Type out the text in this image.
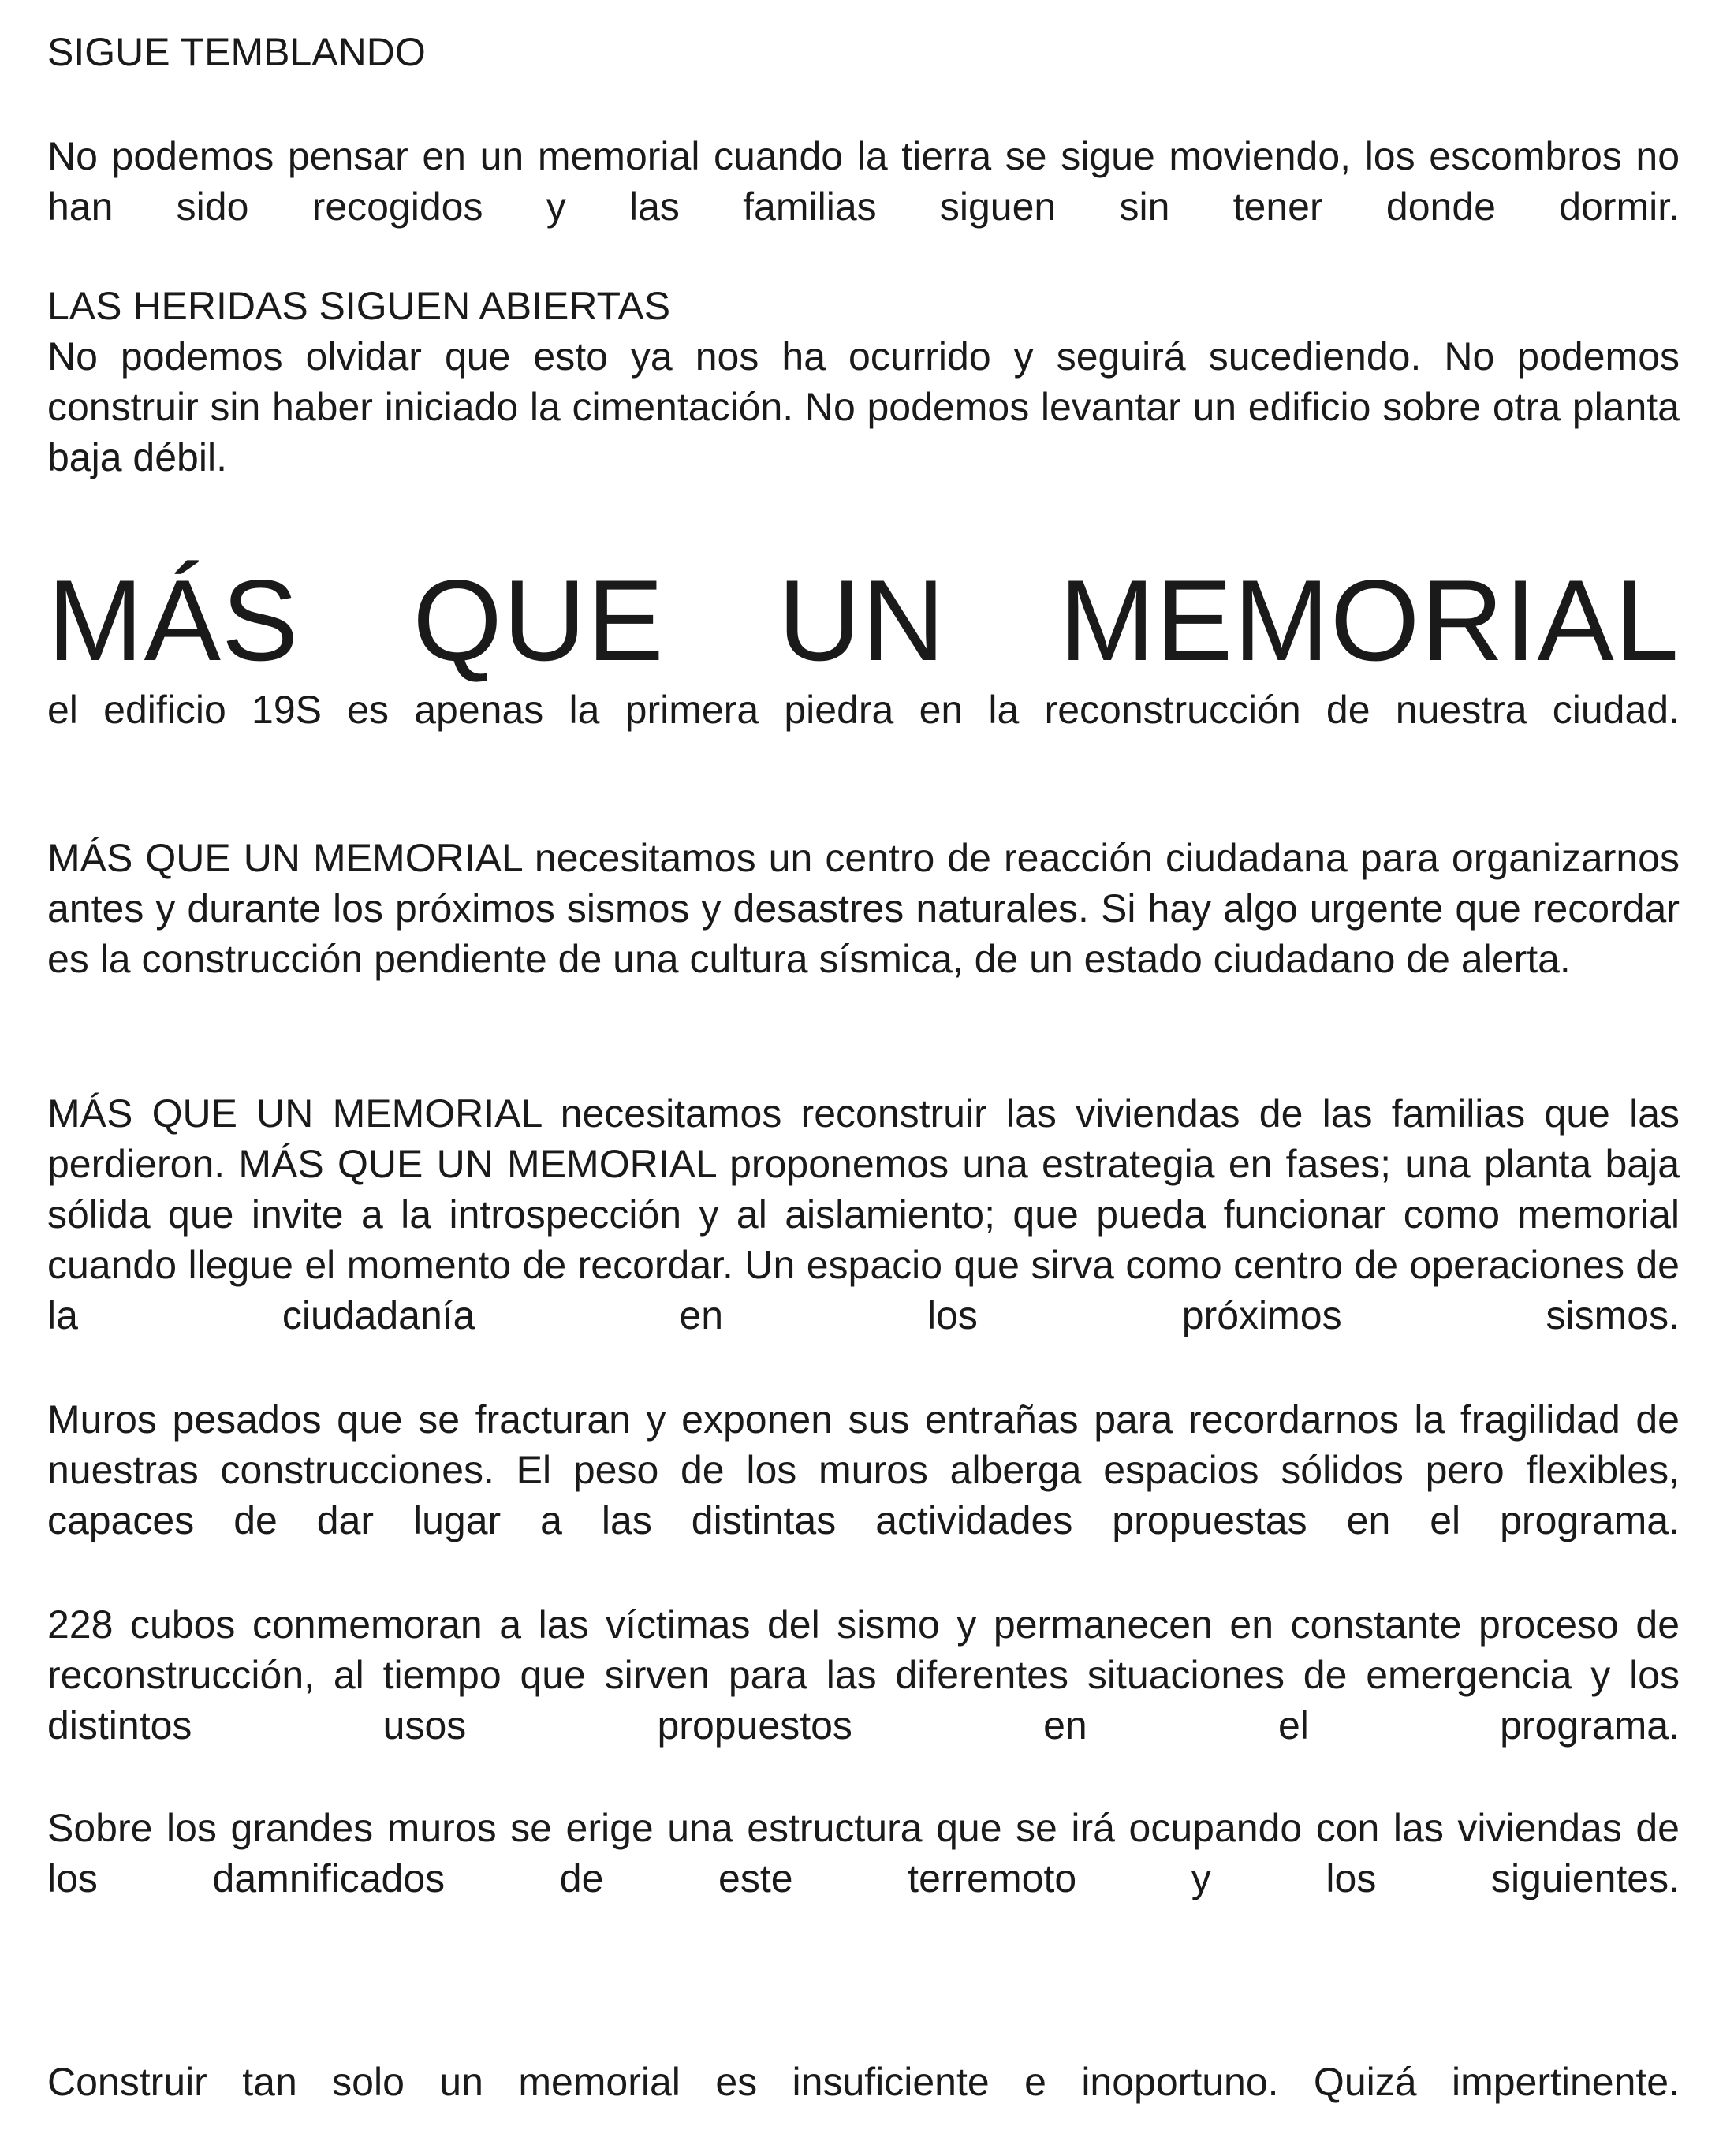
SIGUE TEMBLANDO

No podemos pensar en un memorial cuando la tierra se sigue moviendo, los escombros no han sido recogidos y las familias siguen sin tener donde dormir.

LAS HERIDAS SIGUEN ABIERTAS

No podemos olvidar que esto ya nos ha ocurrido y seguirá sucediendo. No podemos construir sin haber iniciado la cimentación. No podemos levantar un edificio sobre otra planta baja débil.

MÁS QUE UN MEMORIAL

el edificio 19S es apenas la primera piedra en la reconstrucción de nuestra ciudad.

MÁS QUE UN MEMORIAL necesitamos un centro de reacción ciudadana para organizarnos antes y durante los próximos sismos y desastres naturales. Si hay algo urgente que recordar es la construcción pendiente de una cultura sísmica, de un estado ciudadano de alerta.

MÁS QUE UN MEMORIAL necesitamos reconstruir las viviendas de las familias que las perdieron. MÁS QUE UN MEMORIAL proponemos una estrategia en fases; una planta baja sólida que invite a la introspección y al aislamiento; que pueda funcionar como memorial cuando llegue el momento de recordar. Un espacio que sirva como centro de operaciones de la ciudadanía en los próximos sismos.

Muros pesados que se fracturan y exponen sus entrañas para recordarnos la fragilidad de nuestras construcciones. El peso de los muros alberga espacios sólidos pero flexibles, capaces de dar lugar a las distintas actividades propuestas en el programa.

228 cubos conmemoran a las víctimas del sismo y permanecen en constante proceso de reconstrucción, al tiempo que sirven para las diferentes situaciones de emergencia y los distintos usos propuestos en el programa.

Sobre los grandes muros se erige una estructura que se irá ocupando con las viviendas de los damnificados de este terremoto y los siguientes.

Construir tan solo un memorial es insuficiente e inoportuno. Quizá impertinente.
